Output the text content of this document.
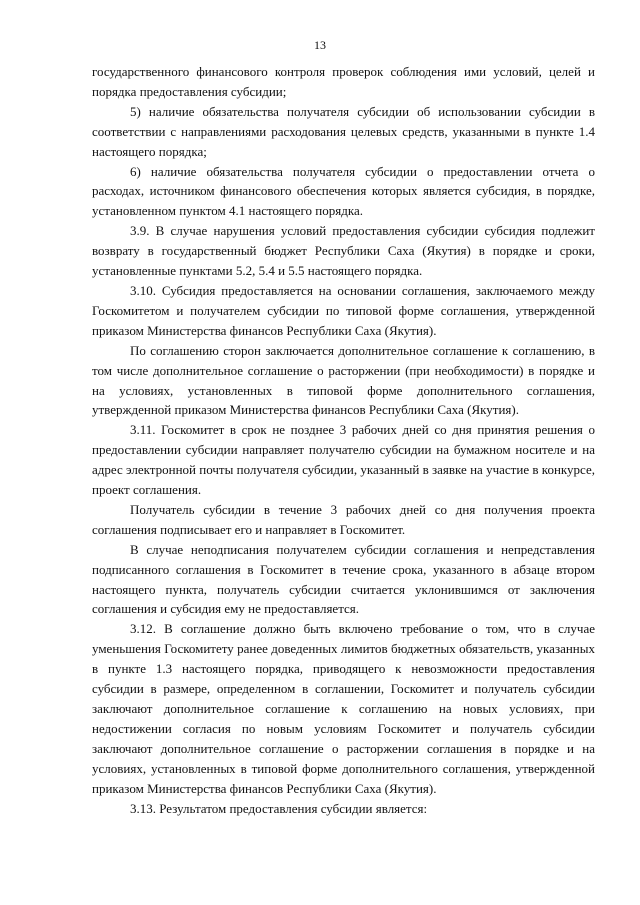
13

государственного финансового контроля проверок соблюдения ими условий, целей и порядка предоставления субсидии;

5) наличие обязательства получателя субсидии об использовании субсидии в соответствии с направлениями расходования целевых средств, указанными в пункте 1.4 настоящего порядка;

6) наличие обязательства получателя субсидии о предоставлении отчета о расходах, источником финансового обеспечения которых является субсидия, в порядке, установленном пунктом 4.1 настоящего порядка.

3.9. В случае нарушения условий предоставления субсидии субсидия подлежит возврату в государственный бюджет Республики Саха (Якутия) в порядке и сроки, установленные пунктами 5.2, 5.4 и 5.5 настоящего порядка.

3.10. Субсидия предоставляется на основании соглашения, заключаемого между Госкомитетом и получателем субсидии по типовой форме соглашения, утвержденной приказом Министерства финансов Республики Саха (Якутия).

По соглашению сторон заключается дополнительное соглашение к соглашению, в том числе дополнительное соглашение о расторжении (при необходимости) в порядке и на условиях, установленных в типовой форме дополнительного соглашения, утвержденной приказом Министерства финансов Республики Саха (Якутия).

3.11. Госкомитет в срок не позднее 3 рабочих дней со дня принятия решения о предоставлении субсидии направляет получателю субсидии на бумажном носителе и на адрес электронной почты получателя субсидии, указанный в заявке на участие в конкурсе, проект соглашения.

Получатель субсидии в течение 3 рабочих дней со дня получения проекта соглашения подписывает его и направляет в Госкомитет.

В случае неподписания получателем субсидии соглашения и непредставления подписанного соглашения в Госкомитет в течение срока, указанного в абзаце втором настоящего пункта, получатель субсидии считается уклонившимся от заключения соглашения и субсидия ему не предоставляется.

3.12. В соглашение должно быть включено требование о том, что в случае уменьшения Госкомитету ранее доведенных лимитов бюджетных обязательств, указанных в пункте 1.3 настоящего порядка, приводящего к невозможности предоставления субсидии в размере, определенном в соглашении, Госкомитет и получатель субсидии заключают дополнительное соглашение к соглашению на новых условиях, при недостижении согласия по новым условиям Госкомитет и получатель субсидии заключают дополнительное соглашение о расторжении соглашения в порядке и на условиях, установленных в типовой форме дополнительного соглашения, утвержденной приказом Министерства финансов Республики Саха (Якутия).

3.13. Результатом предоставления субсидии является:
